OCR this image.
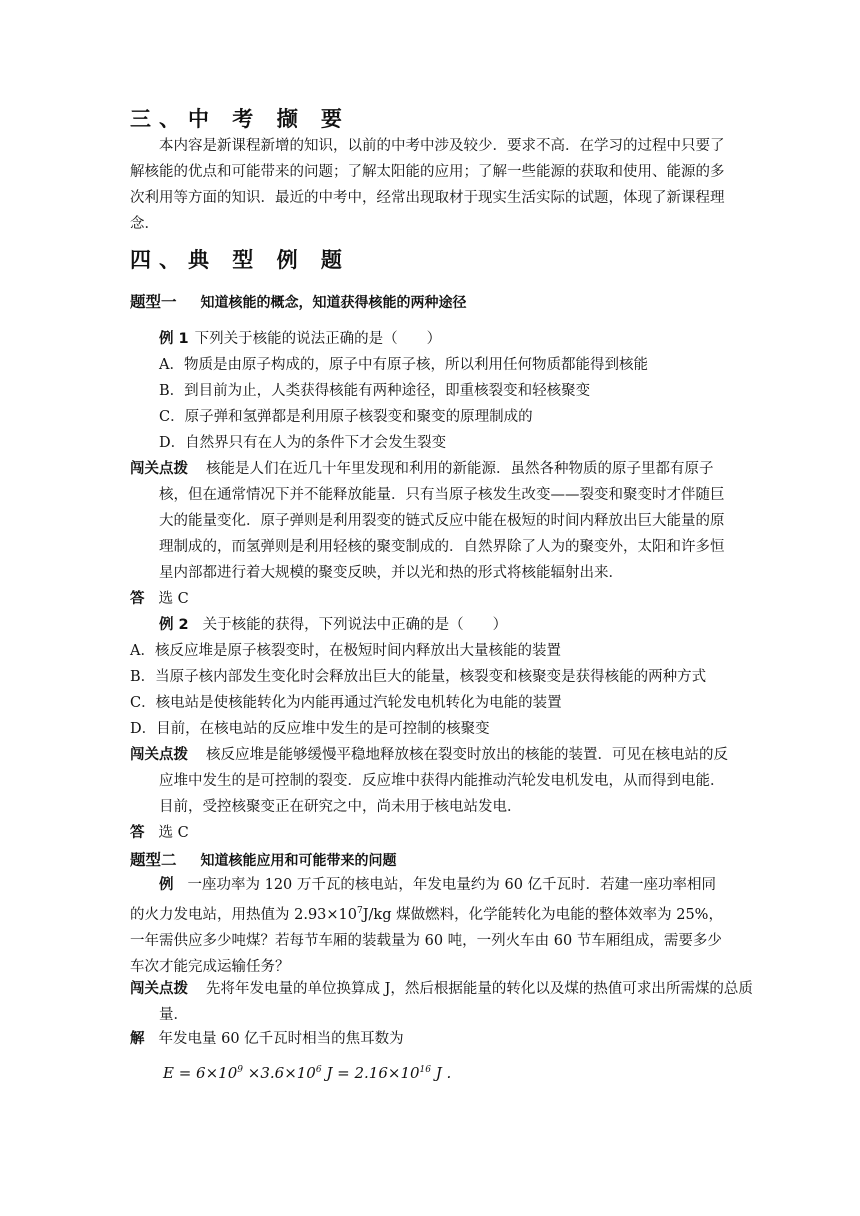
三、中 考 撷 要
本内容是新课程新增的知识，以前的中考中涉及较少．要求不高．在学习的过程中只要了解核能的优点和可能带来的问题；了解太阳能的应用；了解一些能源的获取和使用、能源的多次利用等方面的知识．最近的中考中，经常出现取材于现实生活实际的试题，体现了新课程理念．
四、典 型 例 题
题型一 知道核能的概念，知道获得核能的两种途径
例 1 下列关于核能的说法正确的是（　　）
A．物质是由原子构成的，原子中有原子核，所以利用任何物质都能得到核能
B．到目前为止，人类获得核能有两种途径，即重核裂变和轻核聚变
C．原子弹和氢弹都是利用原子核裂变和聚变的原理制成的
D．自然界只有在人为的条件下才会发生裂变
闯关点拨 核能是人们在近几十年里发现和利用的新能源．虽然各种物质的原子里都有原子核，但在通常情况下并不能释放能量．只有当原子核发生改变——裂变和聚变时才伴随巨大的能量变化．原子弹则是利用裂变的链式反应中能在极短的时间内释放出巨大能量的原理制成的，而氢弹则是利用轻核的聚变制成的．自然界除了人为的聚变外，太阳和许多恒星内部都进行着大规模的聚变反映，并以光和热的形式将核能辐射出来．
答 选 C
例 2 关于核能的获得，下列说法中正确的是（　　）
A．核反应堆是原子核裂变时，在极短时间内释放出大量核能的装置
B．当原子核内部发生变化时会释放出巨大的能量，核裂变和核聚变是获得核能的两种方式
C．核电站是使核能转化为内能再通过汽轮发电机转化为电能的装置
D．目前，在核电站的反应堆中发生的是可控制的核聚变
闯关点拨 核反应堆是能够缓慢平稳地释放核在裂变时放出的核能的装置．可见在核电站的反应堆中发生的是可控制的裂变．反应堆中获得内能推动汽轮发电机发电，从而得到电能．目前，受控核聚变正在研究之中，尚未用于核电站发电．
答 选 C
题型二 知道核能应用和可能带来的问题
例 一座功率为 120 万千瓦的核电站，年发电量约为 60 亿千瓦时．若建一座功率相同的火力发电站，用热值为 $2.93\times 10^7J/kg$ 煤做燃料，化学能转化为电能的整体效率为 25%，一年需供应多少吨煤？若每节车厢的装载量为 60 吨，一列火车由 60 节车厢组成，需要多少车次才能完成运输任务？
闯关点拨 先将年发电量的单位换算成 J，然后根据能量的转化以及煤的热值可求出所需煤的总质量．
解 年发电量 60 亿千瓦时相当的焦耳数为
$E = 6\times 10^9 \times 3.6\times 10^6$ $J = 2.16\times 10^{16}$ J .
